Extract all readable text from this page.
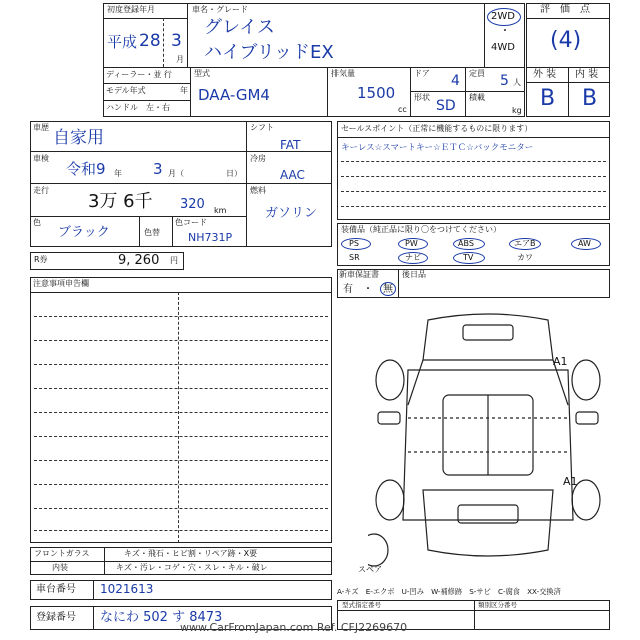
初度登録年月
平成 28 3
月
車名・グレード
グレイス
ハイブリッドEX
2WD
・
4WD
ディーラー・並 行
モデル年式	年
ハンドル　左・右
型式
DAA-GM4
排気量
1500
cc
ドア 4 定員 5 人
形状
SD
積載
kg
評　価　点
(4)
外 装 内 装
B B
車歴
自家用
車検
令和9 年 3 月（	日）
走行
3万 6千 320 km
色
ブラック	色替
色コード
NH731P
シフト
FAT
冷房
AAC
燃料
ガソリン
R券	9, 260 円
セールスポイント（正常に機能するものに限ります）
キーレス☆スマートキー☆ＥＴＣ☆バックモニター
装備品（純正品に限り〇をつけてください）
PS	PW	ABS	エアB	AW
SR	ナビ	TV	カワ
新車保証書
有　・　無
後日品
注意事項申告欄
A1
A1
スペア
フロントガラス	キズ・飛石・ヒビ割・リペア跡・X要
内装	キズ・汚レ・コゲ・穴・スレ・キル・破レ
車台番号 1021613
登録番号 なにわ 502 す 8473
A-キズ　E-エクボ　U-凹み　W-補修跡　S-サビ　C-腐食　XX-交換済
型式指定番号	類別区分番号
www.CarFromJapan.com Ref. CFJ2269670
